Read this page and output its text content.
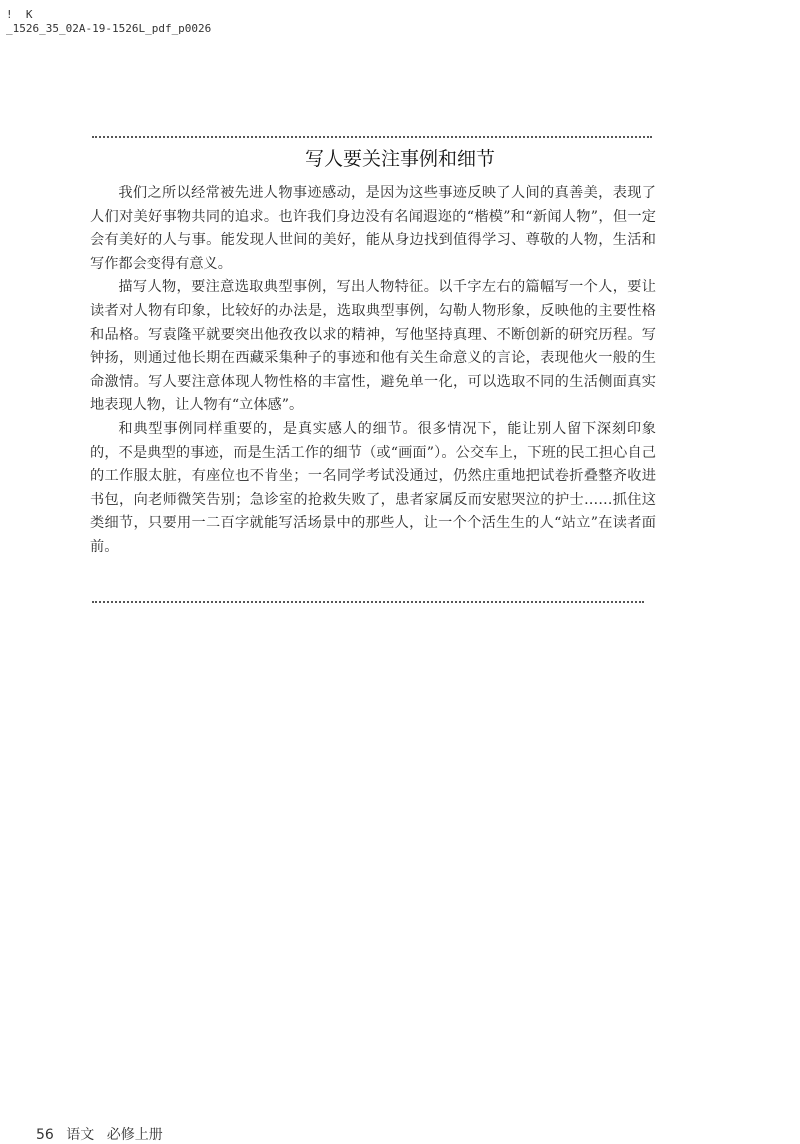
!  K
_1526_35_02A-19-1526L_pdf_p0026
写人要关注事例和细节

我们之所以经常被先进人物事迹感动，是因为这些事迹反映了人间的真善美，表现了人们对美好事物共同的追求。也许我们身边没有名闻遐迩的“楷模”和“新闻人物”，但一定会有美好的人与事。能发现人世间的美好，能从身边找到值得学习、尊敬的人物，生活和写作都会变得有意义。

描写人物，要注意选取典型事例，写出人物特征。以千字左右的篇幅写一个人，要让读者对人物有印象，比较好的办法是，选取典型事例，勾勒人物形象，反映他的主要性格和品格。写袁隆平就要突出他孜孜以求的精神，写他坚持真理、不断创新的研究历程。写钟扬，则通过他长期在西藏采集种子的事迹和他有关生命意义的言论，表现他火一般的生命激情。写人要注意体现人物性格的丰富性，避免单一化，可以选取不同的生活侧面真实地表现人物，让人物有“立体感”。

和典型事例同样重要的，是真实感人的细节。很多情况下，能让别人留下深刻印象的，不是典型的事迹，而是生活工作的细节（或“画面”）。公交车上，下班的民工担心自己的工作服太脏，有座位也不肯坐；一名同学考试没通过，仍然庄重地把试卷折叠整齐收进书包，向老师微笑告别；急诊室的抢救失败了，患者家属反而安慰哭泣的护士……抓住这类细节，只要用一二百字就能写活场景中的那些人，让一个个活生生的人“站立”在读者面前。

56 语文 必修上册
